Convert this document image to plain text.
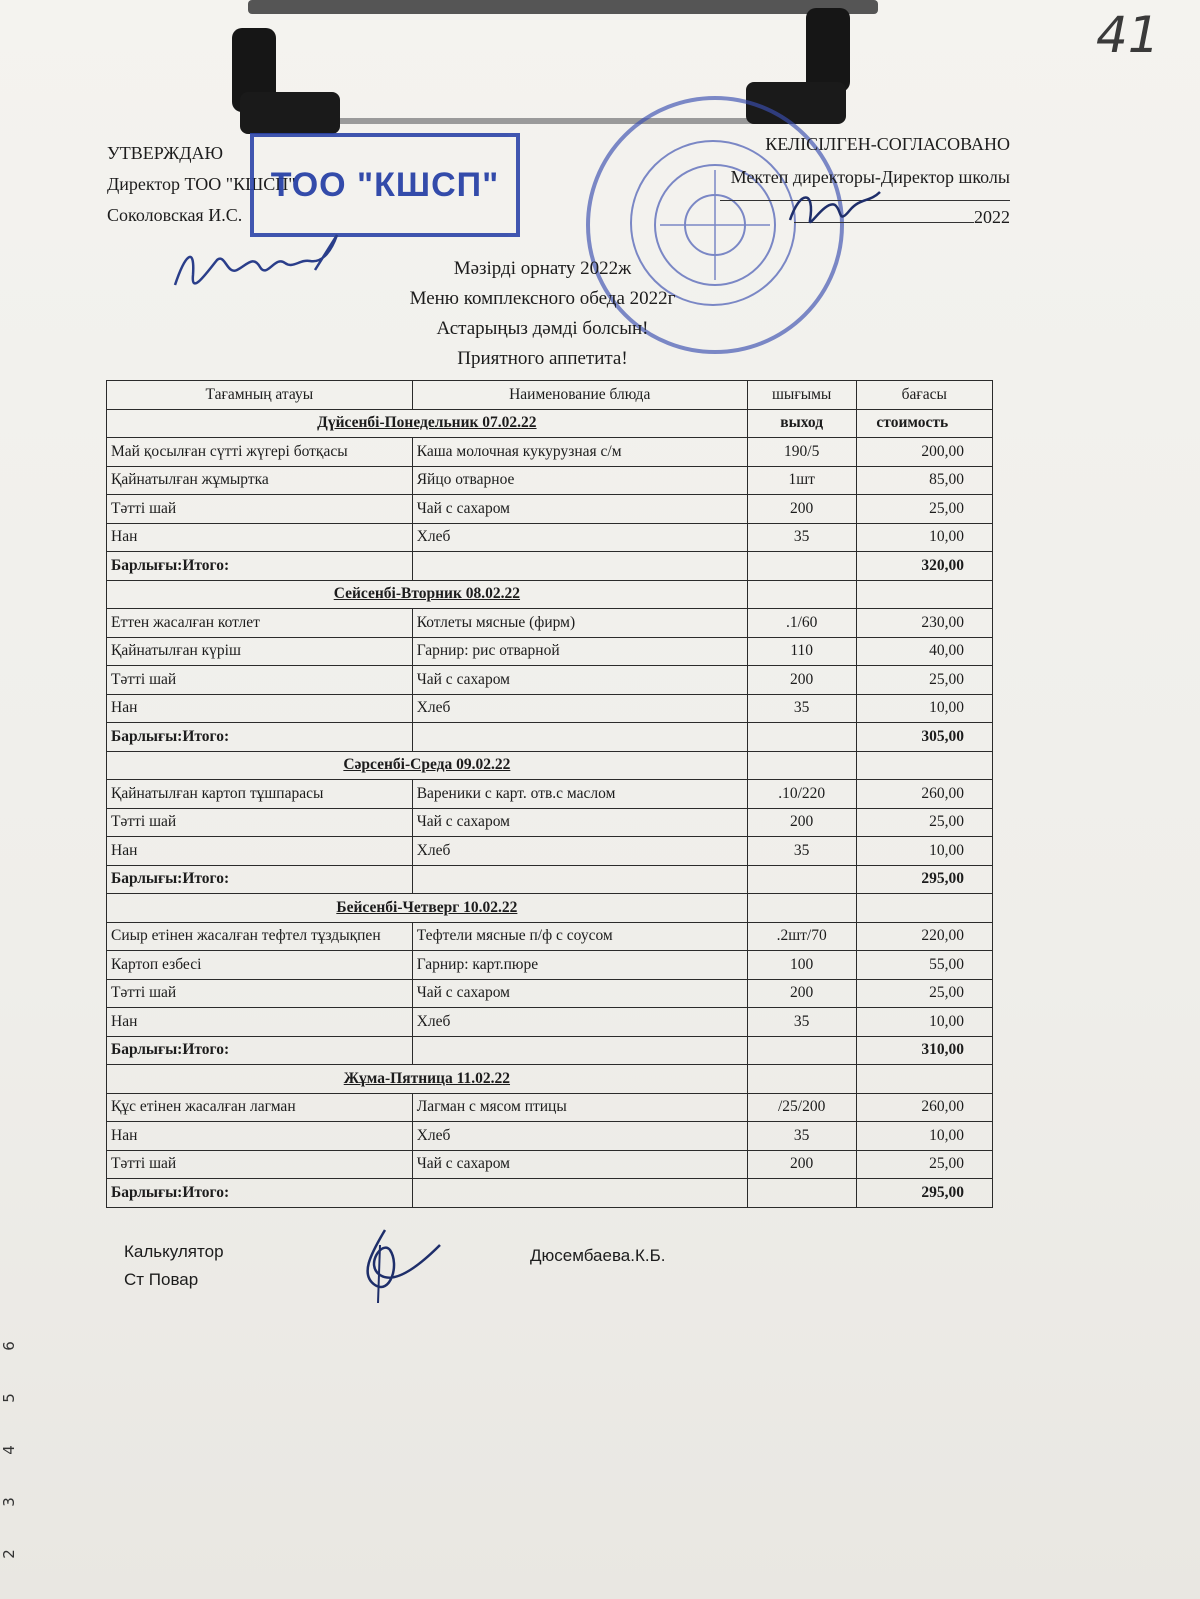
41
УТВЕРЖДАЮ
Директор ТОО "КШСП"
Соколовская И.С.
ТОО "КШСП"
КЕЛІСІЛГЕН-СОГЛАСОВАНО
Мектеп директоры-Директор школы
2022
Мәзірді орнату 2022ж
Меню комплексного обеда 2022г
Астарыңыз дәмді болсын!
Приятного аппетита!
Тағамның атауы	Наименование блюда	шығымы	бағасы
Дүйсенбі-Понедельник 07.02.22		выход	стоимость
Май қосылған сүтті жүгері ботқасы	Каша молочная кукурузная с/м	190/5	200,00
Қайнатылған жұмыртка	Яйцо отварное	1шт	85,00
Тәтті шай	Чай с сахаром	200	25,00
Нан	Хлеб	35	10,00
Барлығы:Итого:			320,00
Сейсенбі-Вторник 08.02.22			
Еттен жасалған котлет	Котлеты мясные (фирм)	.1/60	230,00
Қайнатылған күріш	Гарнир: рис отварной	110	40,00
Тәтті шай	Чай с сахаром	200	25,00
Нан	Хлеб	35	10,00
Барлығы:Итого:			305,00
Сәрсенбі-Среда 09.02.22			
Қайнатылған картоп тұшпарасы	Вареники с карт. отв.с маслом	.10/220	260,00
Тәтті шай	Чай с сахаром	200	25,00
Нан	Хлеб	35	10,00
Барлығы:Итого:			295,00
Бейсенбі-Четверг 10.02.22			
Сиыр етінен жасалған тефтел тұздықпен	Тефтели мясные п/ф с соусом	.2шт/70	220,00
Картоп езбесі	Гарнир: карт.пюре	100	55,00
Тәтті шай	Чай с сахаром	200	25,00
Нан	Хлеб	35	10,00
Барлығы:Итого:			310,00
Жұма-Пятница 11.02.22			
Құс етінен жасалған лагман	Лагман с мясом птицы	/25/200	260,00
Нан	Хлеб	35	10,00
Тәтті шай	Чай с сахаром	200	25,00
Барлығы:Итого:			295,00
Калькулятор
Ст Повар
Дюсембаева.К.Б.
6
5
4
3
2
